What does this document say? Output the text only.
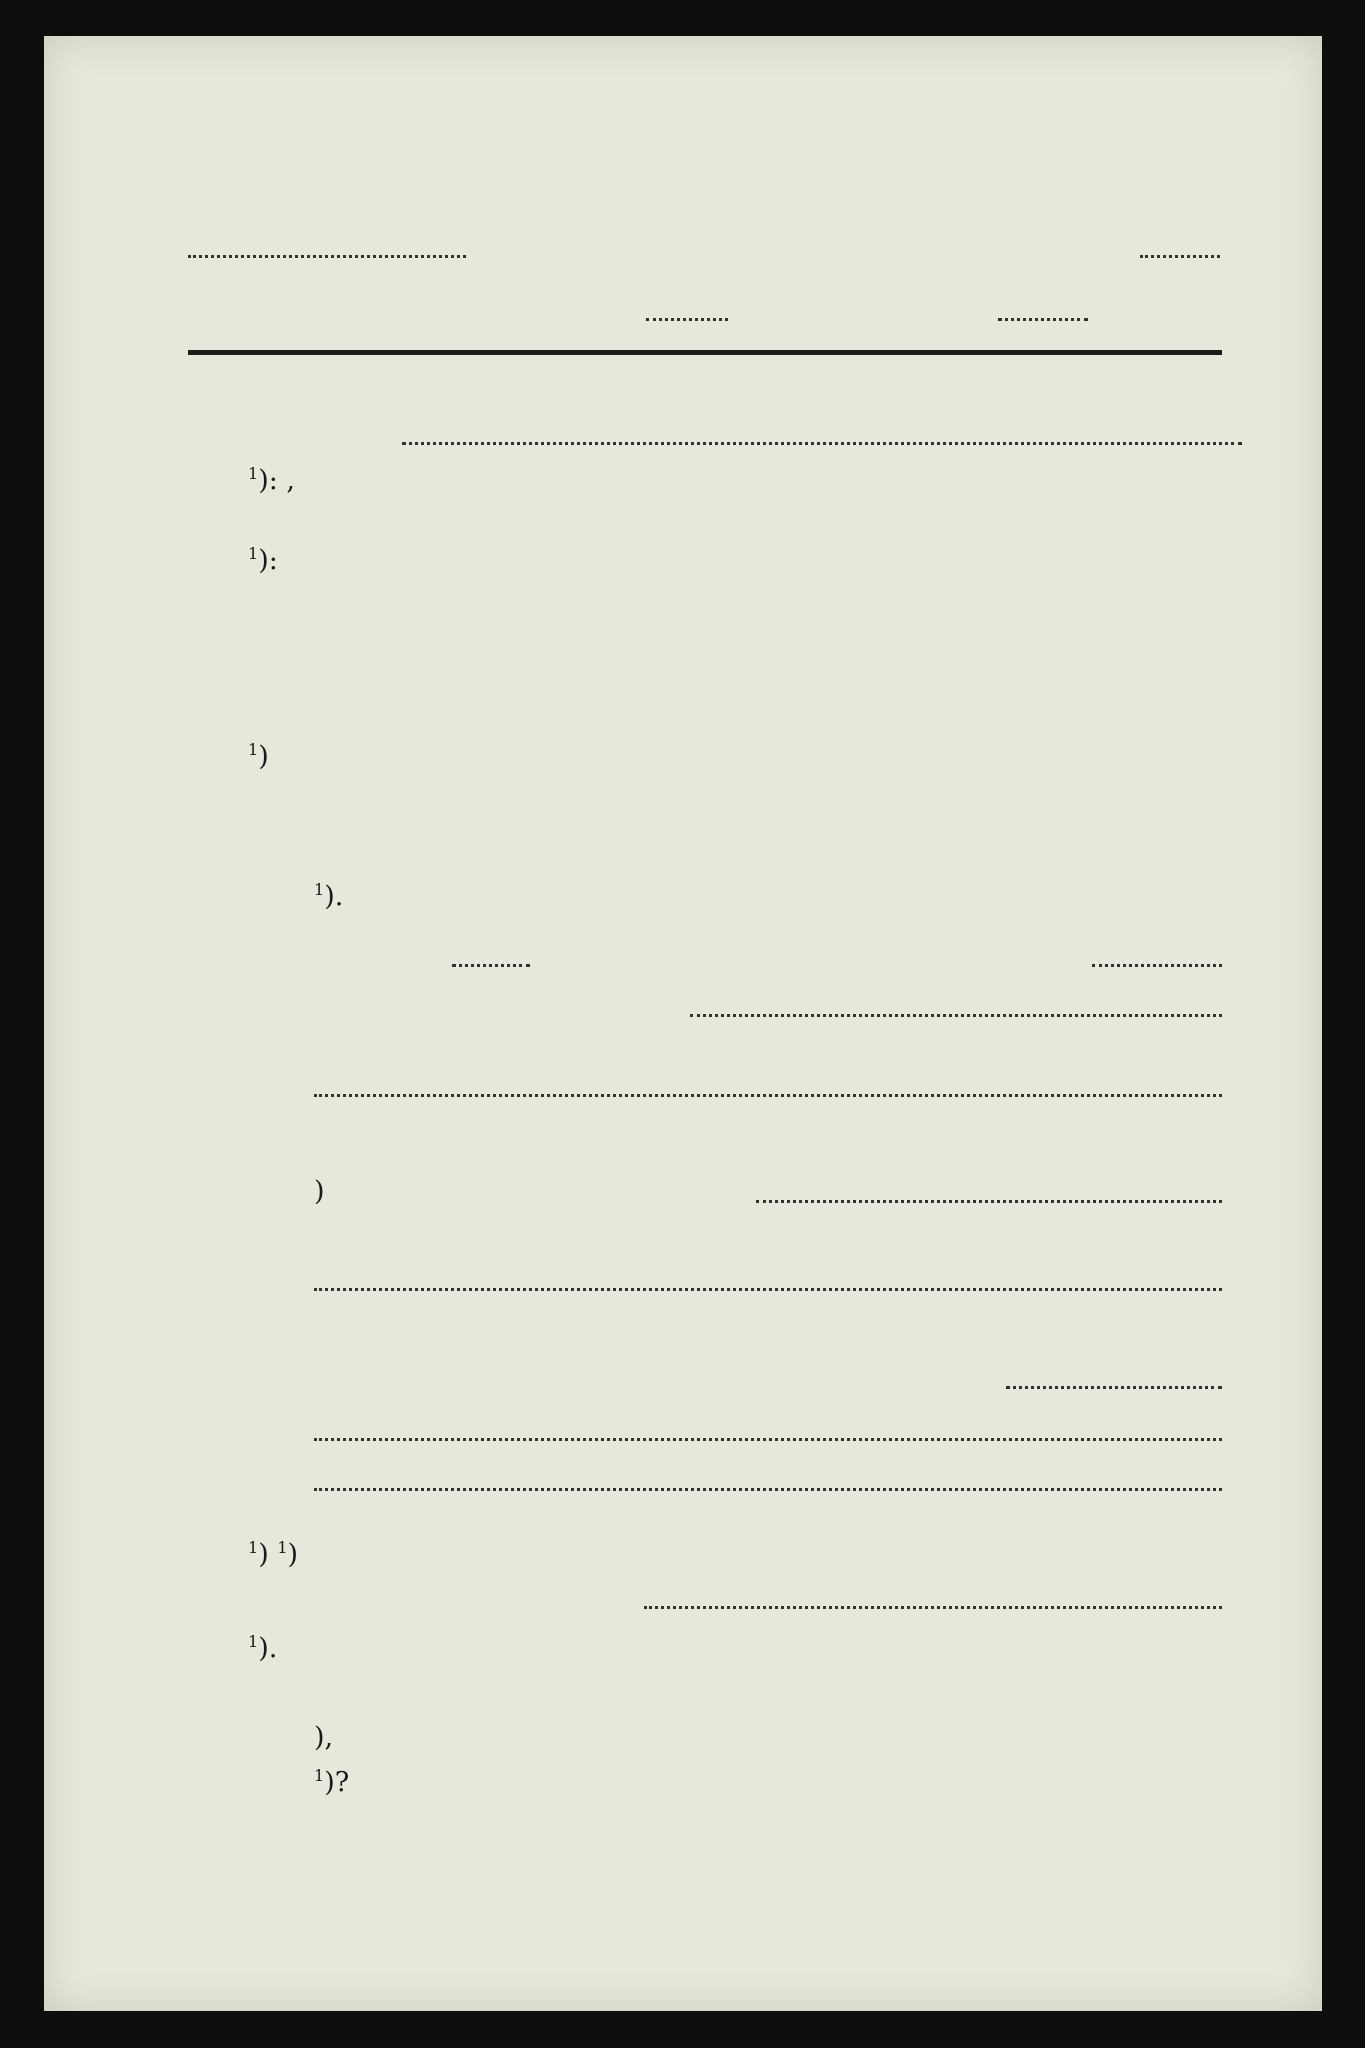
$^1$): ,
$^1$):
$^1$)
$^1$).
)
$^1$) $^1$)
$^1$).
),
$^1$)?
